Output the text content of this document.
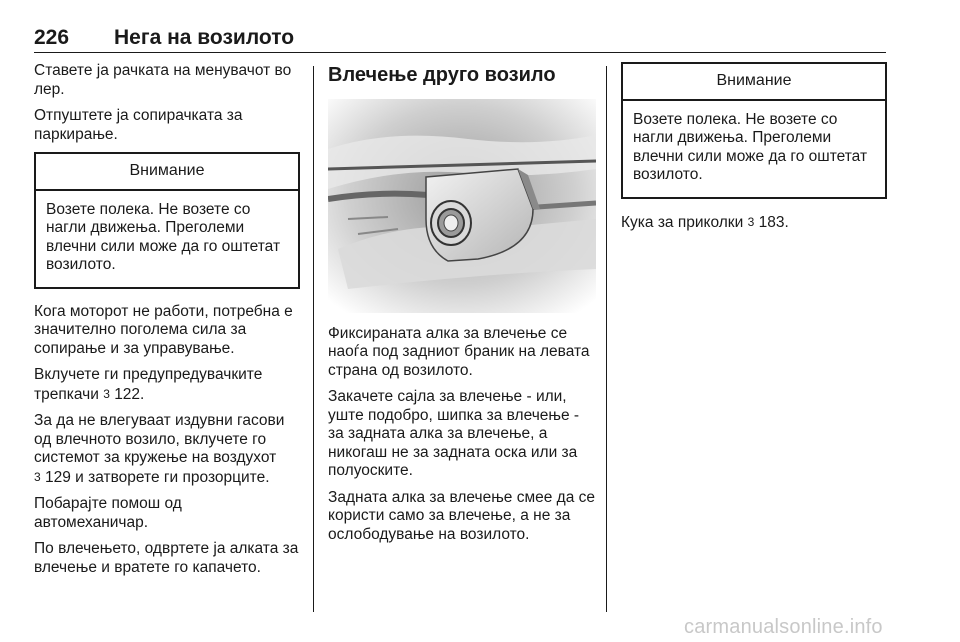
226 Нега на возилото

Ставете ја рачката на менувачот во лер.

Отпуштете ја сопирачката за паркирање.

Внимание
Возете полека. Не возете со нагли движења. Преголеми влечни сили може да го оштетат возилото.

Кога моторот не работи, потребна е значително поголема сила за сопирање и за управување.

Вклучете ги предупредувачките трепкачи 3 122.

За да не влегуваат издувни гасови од влечното возило, вклучете го системот за кружење на воздухот
3 129 и затворете ги прозорците.

Побарајте помош од автомеханичар.

По влечењето, одвртете ја алката за влечење и вратете го капачето.

Влечење друго возило

Фиксираната алка за влечење се наоѓа под задниот браник на левата страна од возилото.

Закачете сајла за влечење - или, уште подобро, шипка за влечење - за задната алка за влечење, а никогаш не за задната оска или за полуоските.

Задната алка за влечење смее да се користи само за влечење, а не за ослободување на возилото.

Внимание
Возете полека. Не возете со нагли движења. Преголеми влечни сили може да го оштетат возилото.

Кука за приколки 3 183.

carmanualsonline.info
